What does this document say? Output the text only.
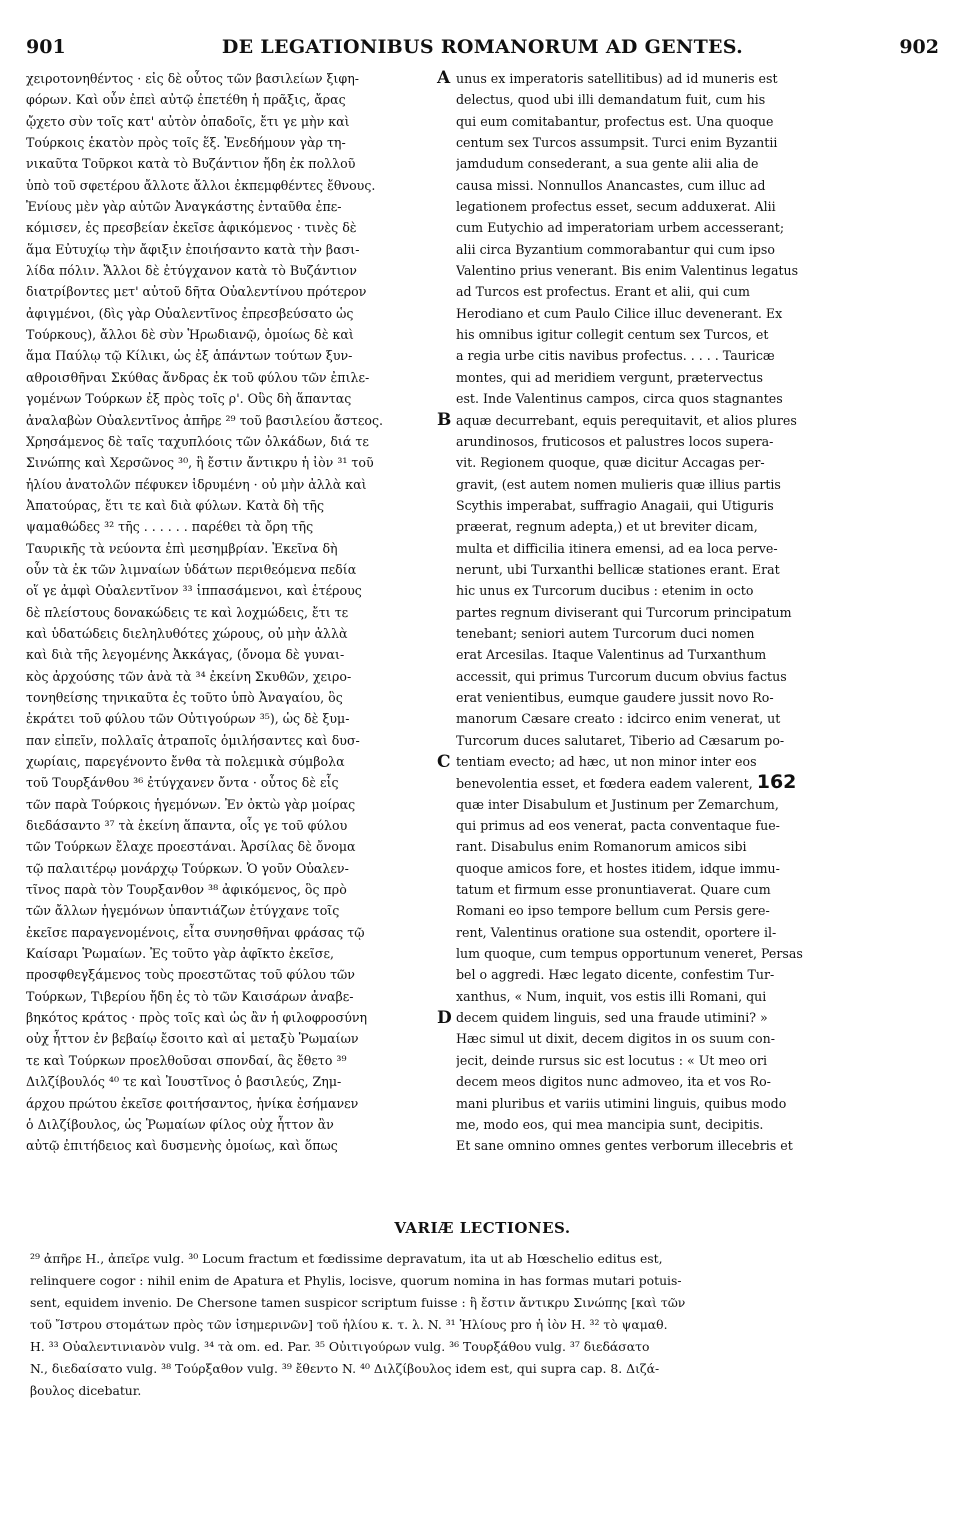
901	DE LEGATIONIBUS ROMANORUM AD GENTES.	902
χειροτονηθέντος · εἰς δὲ οὗτος τῶν βασιλείων ξιφη-
φόρων. Καὶ οὖν ἐπεὶ αὐτῷ ἐπετέθη ἡ πρᾶξις, ἄρας
ᾤχετο σὺν τοῖς κατ' αὐτὸν ὀπαδοῖς, ἔτι γε μὴν καὶ
Τούρκοις ἑκατὸν πρὸς τοῖς ἕξ. Ἐνεδήμουν γὰρ τη-
νικαῦτα Τοῦρκοι κατὰ τὸ Βυζάντιον ἤδη ἐκ πολλοῦ
ὑπὸ τοῦ σφετέρου ἄλλοτε ἄλλοι ἐκπεμφθέντες ἔθνους.
Ἐνίους μὲν γὰρ αὐτῶν Ἀναγκάστης ἐνταῦθα ἐπε-
κόμισεν, ἐς πρεσβείαν ἐκεῖσε ἀφικόμενος · τινὲς δὲ
ἅμα Εὐτυχίῳ τὴν ἄφιξιν ἐποιήσαντο κατὰ τὴν βασι-
λίδα πόλιν. Ἄλλοι δὲ ἐτύγχανον κατὰ τὸ Βυζάντιον
διατρίβοντες μετ' αὐτοῦ δῆτα Οὐαλεντίνου πρότερον
ἀφιγμένοι, (δὶς γὰρ Οὐαλεντῖνος ἐπρεσβεύσατο ὡς
Τούρκους), ἄλλοι δὲ σὺν Ἡρωδιανῷ, ὁμοίως δὲ καὶ
ἅμα Παύλῳ τῷ Κίλικι, ὡς ἐξ ἁπάντων τούτων ξυν-
αθροισθῆναι Σκύθας ἄνδρας ἐκ τοῦ φύλου τῶν ἐπιλε-
γομένων Τούρκων ἐξ πρὸς τοῖς ρ'. Οὓς δὴ ἅπαντας
ἀναλαβὼν Οὐαλεντῖνος ἀπῆρε ²⁹ τοῦ βασιλείου ἄστεος.
Χρησάμενος δὲ ταῖς ταχυπλόοις τῶν ὀλκάδων, διά τε
Σινώπης καὶ Χερσῶνος ³⁰, ἣ ἔστιν ἄντικρυ ἡ ἰὸν ³¹ τοῦ
ἡλίου ἀνατολῶν πέφυκεν ἱδρυμένη · οὐ μὴν ἀλλὰ καὶ
Ἀπατούρας, ἔτι τε καὶ διὰ φύλων. Κατὰ δὴ τῆς
ψαμαθώδες ³² τῆς . . . . . . παρέθει τὰ ὄρη τῆς
Ταυρικῆς τὰ νεύοντα ἐπὶ μεσημβρίαν. Ἐκεῖνα δὴ
οὖν τὰ ἐκ τῶν λιμναίων ὑδάτων περιθεόμενα πεδία
οἵ γε ἀμφὶ Οὐαλεντῖνον ³³ ἱππασάμενοι, καὶ ἑτέρους
δὲ πλείστους δονακώδεις τε καὶ λοχμώδεις, ἔτι τε
καὶ ὑδατώδεις διεληλυθότες χώρους, οὐ μὴν ἀλλὰ
καὶ διὰ τῆς λεγομένης Ἀκκάγας, (ὄνομα δὲ γυναι-
κὸς ἀρχούσης τῶν ἀνὰ τὰ ³⁴ ἐκείνη Σκυθῶν, χειρο-
τονηθείσης τηνικαῦτα ἐς τοῦτο ὑπὸ Ἀναγαίου, ὃς
ἐκράτει τοῦ φύλου τῶν Οὐτιγούρων ³⁵), ὡς δὲ ξυμ-
παν εἰπεῖν, πολλαῖς ἀτραποῖς ὁμιλήσαντες καὶ δυσ-
χωρίαις, παρεγένοντο ἔνθα τὰ πολεμικὰ σύμβολα
τοῦ Τουρξάνθου ³⁶ ἐτύγχανεν ὄντα · οὗτος δὲ εἷς
τῶν παρὰ Τούρκοις ἡγεμόνων. Ἐν ὀκτὼ γὰρ μοίρας
διεδάσαντο ³⁷ τὰ ἐκείνη ἅπαντα, οἷς γε τοῦ φύλου
τῶν Τούρκων ἔλαχε προεστάναι. Ἀρσίλας δὲ ὄνομα
τῷ παλαιτέρῳ μονάρχῳ Τούρκων. Ὁ γοῦν Οὐαλεν-
τῖνος παρὰ τὸν Τουρξανθον ³⁸ ἀφικόμενος, ὃς πρὸ
τῶν ἄλλων ἡγεμόνων ὑπαντιάζων ἐτύγχανε τοῖς
ἐκεῖσε παραγενομένοις, εἶτα συνησθῆναι φράσας τῷ
Καίσαρι Ῥωμαίων. Ἐς τοῦτο γὰρ ἀφῖκτο ἐκεῖσε,
προσφθεγξάμενος τοὺς προεστῶτας τοῦ φύλου τῶν
Τούρκων, Τιβερίου ἤδη ἐς τὸ τῶν Καισάρων ἀναβε-
βηκότος κράτος · πρὸς τοῖς καὶ ὡς ἂν ἡ φιλοφροσύνη
οὐχ ἧττον ἐν βεβαίῳ ἔσοιτο καὶ αἱ μεταξὺ Ῥωμαίων
τε καὶ Τούρκων προελθοῦσαι σπονδαί, ἃς ἔθετο ³⁹
Διλζίβουλός ⁴⁰ τε καὶ Ἰουστῖνος ὁ βασιλεύς, Ζημ-
άρχου πρώτου ἐκεῖσε φοιτήσαντος, ἡνίκα ἐσήμανεν
ὁ Διλζίβουλος, ὡς Ῥωμαίων φίλος οὐχ ἧττον ἂν
αὐτῷ ἐπιτήδειος καὶ δυσμενὴς ὁμοίως, καὶ ὅπως
unus ex imperatoris satellitibus) ad id muneris est
delectus, quod ubi illi demandatum fuit, cum his
qui eum comitabantur, profectus est. Una quoque
centum sex Turcos assumpsit. Turci enim Byzantii
jamdudum consederant, a sua gente alii alia de
causa missi. Nonnullos Anancastes, cum illuc ad
legationem profectus esset, secum adduxerat. Alii
cum Eutychio ad imperatoriam urbem accesserant;
alii circa Byzantium commorabantur qui cum ipso
Valentino prius venerant. Bis enim Valentinus legatus
ad Turcos est profectus. Erant et alii, qui cum
Herodiano et cum Paulo Cilice illuc devenerant. Ex
his omnibus igitur collegit centum sex Turcos, et
a regia urbe citis navibus profectus. . . . . Tauricæ
montes, qui ad meridiem vergunt, prætervectus
est. Inde Valentinus campos, circa quos stagnantes
aquæ decurrebant, equis perequitavit, et alios plures
arundinosos, fruticosos et palustres locos supera-
vit. Regionem quoque, quæ dicitur Accagas per-
gravit, (est autem nomen mulieris quæ illius partis
Scythis imperabat, suffragio Anagaii, qui Utiguris
præerat, regnum adepta,) et ut breviter dicam,
multa et difficilia itinera emensi, ad ea loca perve-
nerunt, ubi Turxanthi bellicæ stationes erant. Erat
hic unus ex Turcorum ducibus : etenim in octo
partes regnum diviserant qui Turcorum principatum
tenebant; seniori autem Turcorum duci nomen
erat Arcesilas. Itaque Valentinus ad Turxanthum
accessit, qui primus Turcorum ducum obvius factus
erat venientibus, eumque gaudere jussit novo Ro-
manorum Cæsare creato : idcirco enim venerat, ut
Turcorum duces salutaret, Tiberio ad Cæsarum po-
tentiam evecto; ad hæc, ut non minor inter eos
benevolentia esset, et fœdera eadem valerent, 162
quæ inter Disabulum et Justinum per Zemarchum,
qui primus ad eos venerat, pacta conventaque fue-
rant. Disabulus enim Romanorum amicos sibi
quoque amicos fore, et hostes itidem, idque immu-
tatum et firmum esse pronuntiaverat. Quare cum
Romani eo ipso tempore bellum cum Persis gere-
rent, Valentinus oratione sua ostendit, oportere il-
lum quoque, cum tempus opportunum veneret, Persas
bel o aggredi. Hæc legato dicente, confestim Tur-
xanthus, « Num, inquit, vos estis illi Romani, qui
decem quidem linguis, sed una fraude utimini? »
Hæc simul ut dixit, decem digitos in os suum con-
jecit, deinde rursus sic est locutus : « Ut meo ori
decem meos digitos nunc admoveo, ita et vos Ro-
mani pluribus et variis utimini linguis, quibus modo
me, modo eos, qui mea mancipia sunt, decipitis.
Et sane omnino omnes gentes verborum illecebris et
A
B
C
D
VARIÆ LECTIONES.
²⁹ ἀπῆρε H., ἀπεῖρε vulg. ³⁰ Locum fractum et fœdissime depravatum, ita ut ab Hœschelio editus est,
relinquere cogor : nihil enim de Apatura et Phylis, locisve, quorum nomina in has formas mutari potuis-
sent, equidem invenio. De Chersone tamen suspicor scriptum fuisse : ἣ ἔστιν ἄντικρυ Σινώπης [καὶ τῶν
τοῦ Ἴστρου στομάτων πρὸς τῶν ἰσημερινῶν] τοῦ ἡλίου κ. τ. λ. N. ³¹ Ἡλίους pro ἡ ἰὸν H. ³² τὸ ψαμαθ.
H. ³³ Οὐαλεντινιανὸν vulg. ³⁴ τὰ om. ed. Par. ³⁵ Οὐιτιγούρων vulg. ³⁶ Τουρξάθου vulg. ³⁷ διεδάσατο
N., διεδαίσατο vulg. ³⁸ Τούρξαθον vulg. ³⁹ ἔθεντο N. ⁴⁰ Διλζίβουλος idem est, qui supra cap. 8. Διζά-
βουλος dicebatur.
